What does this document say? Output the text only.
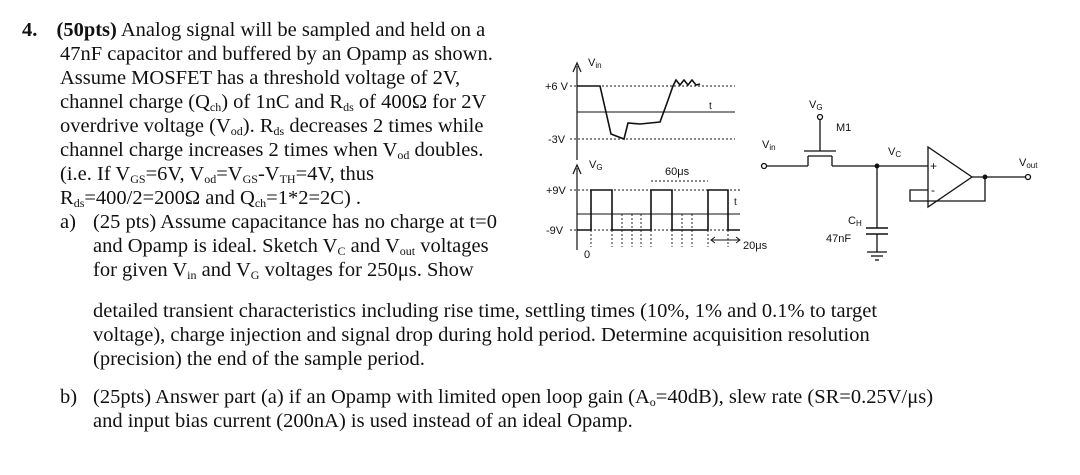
4. (50pts) Analog signal will be sampled and held on a
47nF capacitor and buffered by an Opamp as shown.
Assume MOSFET has a threshold voltage of 2V,
channel charge $(Q_{ch})$ of 1nC and $R_{ds}$ of 400Ω for 2V
overdrive voltage $(V_{od})$. $R_{ds}$ decreases 2 times while
channel charge increases 2 times when $V_{od}$ doubles.
(i.e. If $V_{GS}=6V$, $V_{od}=V_{GS}-V_{TH}=4V$, thus
$R_{ds}=400/2=200\Omega$ and $Q_{ch}=1*2=2C$) .
a) (25 pts) Assume capacitance has no charge at t=0
and Opamp is ideal. Sketch $V_C$ and $V_{out}$ voltages
for given $V_{in}$ and $V_G$ voltages for 250μs. Show
detailed transient characteristics including rise time, settling times (10%, 1% and 0.1% to target
voltage), charge injection and signal drop during hold period. Determine acquisition resolution
(precision) the end of the sample period.
b) (25pts) Answer part (a) if an Opamp with limited open loop gain $(A_o=40dB)$, slew rate (SR=0.25V/μs)
and input bias current (200nA) is used instead of an ideal Opamp.
Vin
+6 V
-3V
t
VG
+9V
-9V
60μs
20μs
0
t
+
-
VG
M1
Vin	VC
CH
47nF
Vout
